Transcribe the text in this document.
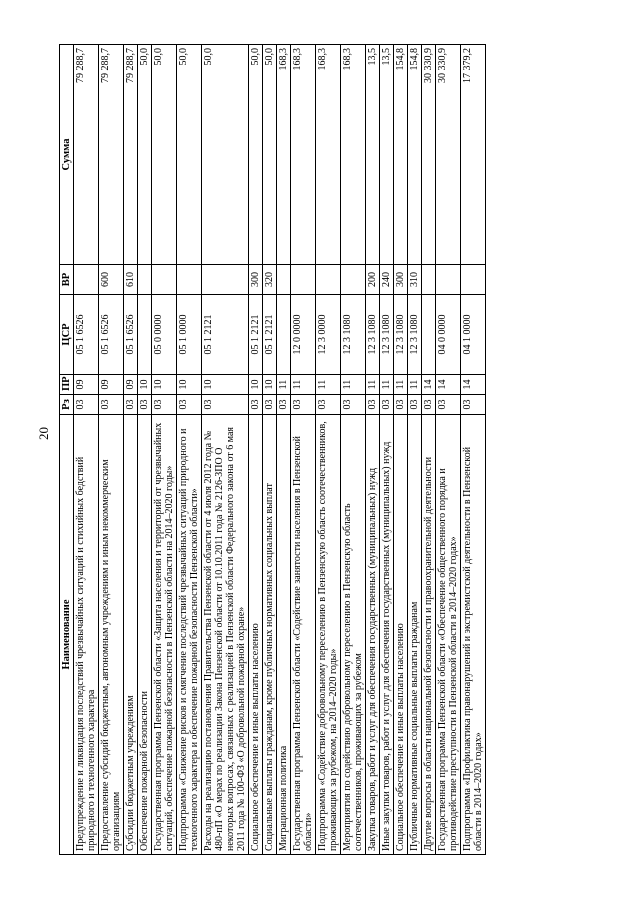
20
Наименование	Рз	ПР	ЦСР	ВР	Сумма
Предупреждение и ликвидация последствий чрезвычайных ситуаций и стихийных бедствий природного и техногенного характера	03	09	05 1 6526		79 288,7
Предоставление субсидий бюджетным, автономным учреждениям и иным некоммерческим организациям	03	09	05 1 6526	600	79 288,7
Субсидии бюджетным учреждениям	03	09	05 1 6526	610	79 288,7
Обеспечение пожарной безопасности	03	10			50,0
Государственная программа Пензенской области «Защита населения и территорий от чрезвычайных ситуаций, обеспечение пожарной безопасности в Пензенской области на 2014–2020 годы»	03	10	05 0 0000		50,0
Подпрограмма «Снижение рисков и смягчение последствий чрезвычайных ситуаций природного и техногенного характера и обеспечение пожарной безопасности Пензенской области»	03	10	05 1 0000		50,0
Расходы на реализацию постановления Правительства Пензенской области от 4 июля 2012 года № 480-пП «О мерах по реализации Закона Пензенской области от 10.10.2011 года № 2126-ЗПО О некоторых вопросах, связанных с реализацией в Пензенской области Федерального закона от 6 мая 2011 года № 100-ФЗ «О добровольной пожарной охране»	03	10	05 1 2121		50,0
Социальное обеспечение и иные выплаты населению	03	10	05 1 2121	300	50,0
Социальные выплаты гражданам, кроме публичных нормативных социальных выплат	03	10	05 1 2121	320	50,0
Миграционная политика	03	11			168,3
Государственная программа Пензенской области «Содействие занятости населения в Пензенской области»	03	11	12 0 0000		168,3
Подпрограмма «Содействие добровольному переселению в Пензенскую область соотечественников, проживающих за рубежом, на 2014–2020 годы»	03	11	12 3 0000		168,3
Мероприятия по содействию добровольному переселению в Пензенскую область соотечественников, проживающих за рубежом	03	11	12 3 1080		168,3
Закупка товаров, работ и услуг для обеспечения государственных (муниципальных) нужд	03	11	12 3 1080	200	13,5
Иные закупки товаров, работ и услуг для обеспечения государственных (муниципальных) нужд	03	11	12 3 1080	240	13,5
Социальное обеспечение и иные выплаты населению	03	11	12 3 1080	300	154,8
Публичные нормативные социальные выплаты гражданам	03	11	12 3 1080	310	154,8
Другие вопросы в области национальной безопасности и правоохранительной деятельности	03	14			30 330,9
Государственная программа Пензенской области «Обеспечение общественного порядка и противодействие преступности в Пензенской области в 2014–2020 годах»	03	14	04 0 0000		30 330,9
Подпрограмма «Профилактика правонарушений и экстремистской деятельности в Пензенской области в 2014–2020 годах»	03	14	04 1 0000		17 379,2
